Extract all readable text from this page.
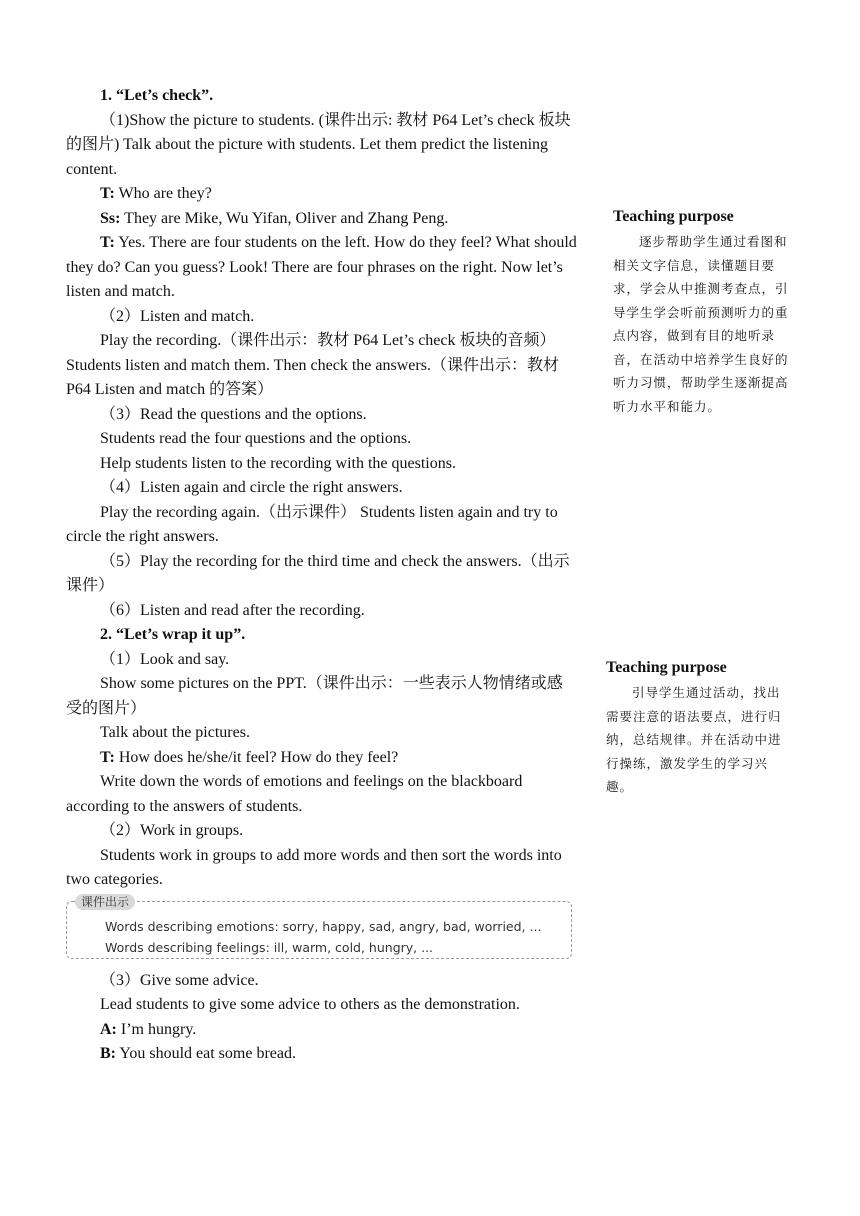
1. “Let’s check”.

（1)Show the picture to students. (课件出示: 教材 P64 Let’s check 板块的图片) Talk about the picture with students. Let them predict the listening content.

T: Who are they?

Ss: They are Mike, Wu Yifan, Oliver and Zhang Peng.

T: Yes. There are four students on the left. How do they feel? What should they do? Can you guess? Look! There are four phrases on the right. Now let’s listen and match.

（2）Listen and match.

Play the recording.（课件出示：教材 P64 Let’s check 板块的音频）Students listen and match them. Then check the answers.（课件出示：教材 P64 Listen and match 的答案）

（3）Read the questions and the options.

Students read the four questions and the options.

Help students listen to the recording with the questions.

（4）Listen again and circle the right answers.

Play the recording again.（出示课件） Students listen again and try to circle the right answers.

（5）Play the recording for the third time and check the answers.（出示课件）

（6）Listen and read after the recording.

2. “Let’s wrap it up”.

（1）Look and say.

Show some pictures on the PPT.（课件出示：一些表示人物情绪或感受的图片）

Talk about the pictures.

T: How does he/she/it feel? How do they feel?

Write down the words of emotions and feelings on the blackboard according to the answers of students.

（2）Work in groups.

Students work in groups to add more words and then sort the words into two categories.

课件出示
Words describing emotions: sorry, happy, sad, angry, bad, worried, ...
Words describing feelings: ill, warm, cold, hungry, ...

（3）Give some advice.

Lead students to give some advice to others as the demonstration.

A: I’m hungry.

B: You should eat some bread.

Teaching purpose

逐步帮助学生通过看图和相关文字信息，读懂题目要求，学会从中推测考查点，引导学生学会听前预测听力的重点内容，做到有目的地听录音，在活动中培养学生良好的听力习惯，帮助学生逐渐提高听力水平和能力。

Teaching purpose

引导学生通过活动，找出需要注意的语法要点，进行归纳，总结规律。并在活动中进行操练，激发学生的学习兴趣。
